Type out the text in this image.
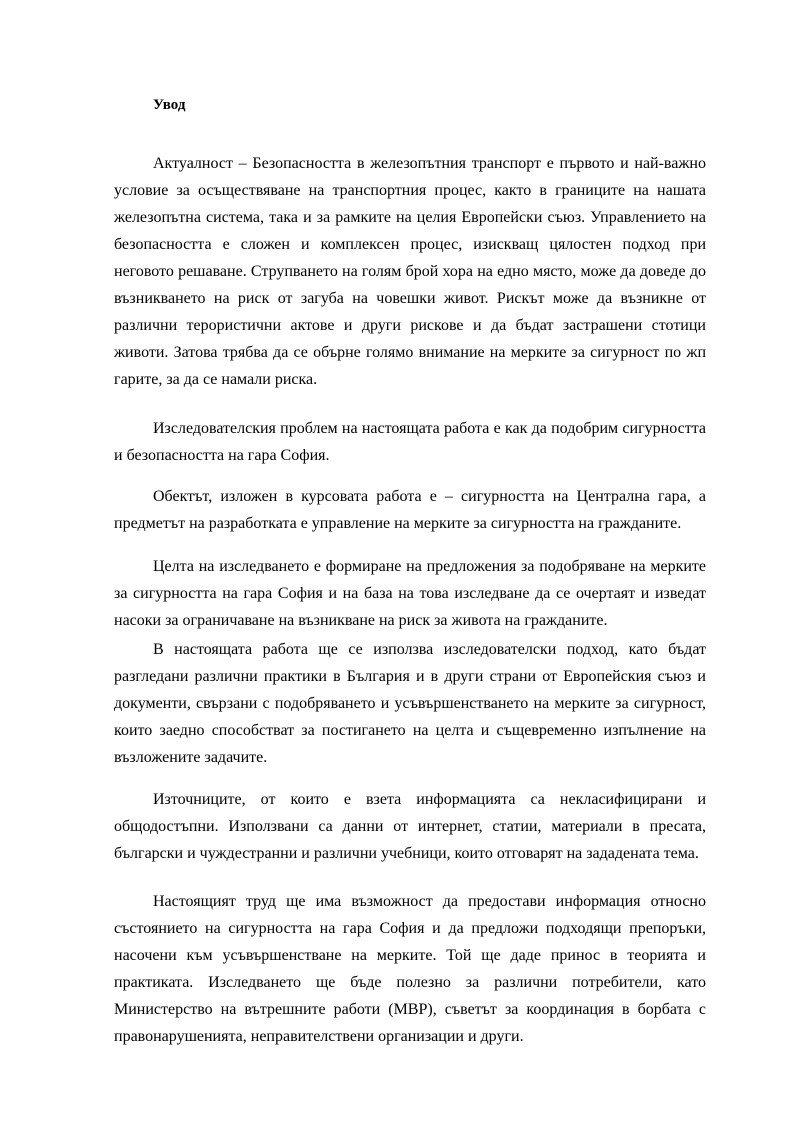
Увод

Актуалност – Безопасността в железопътния транспорт е първото и най-важно условие за осъществяване на транспортния процес, както в границите на нашата железопътна система, така и за рамките на целия Европейски съюз. Управлението на безопасността е сложен и комплексен процес, изискващ цялостен подход при неговото решаване. Струпването на голям брой хора на едно място, може да доведе до възникването на риск от загуба на човешки живот. Рискът може да възникне от различни терористични актове и други рискове и да бъдат застрашени стотици животи. Затова трябва да се обърне голямо внимание на мерките за сигурност по жп гарите, за да се намали риска.

Изследователския проблем на настоящата работа е как да подобрим сигурността и безопасността на гара София.

Обектът, изложен в курсовата работа е – сигурността на Централна гара, а предметът на разработката е управление на мерките за сигурността на гражданите.

Целта на изследването е формиране на предложения за подобряване на мерките за сигурността на гара София и на база на това изследване да се очертаят и изведат насоки за ограничаване на възникване на риск за живота на гражданите.

В настоящата работа ще се използва изследователски подход, като бъдат разгледани различни практики в България и в други страни от Европейския съюз и документи, свързани с подобряването и усъвършенстването на мерките за сигурност, които заедно способстват за постигането на целта и същевременно изпълнение на възложените задачите.

Източниците, от които е взета информацията са некласифицирани и общодостъпни. Използвани са данни от интернет, статии, материали в пресата, български и чуждестранни и различни учебници, които отговарят на зададената тема.

Настоящият труд ще има възможност да предостави информация относно състоянието на сигурността на гара София и да предложи подходящи препоръки, насочени към усъвършенстване на мерките. Той ще даде принос в теорията и практиката. Изследването ще бъде полезно за различни потребители, като Министерство на вътрешните работи (МВР), съветът за координация в борбата с правонарушенията, неправителствени организации и други.
